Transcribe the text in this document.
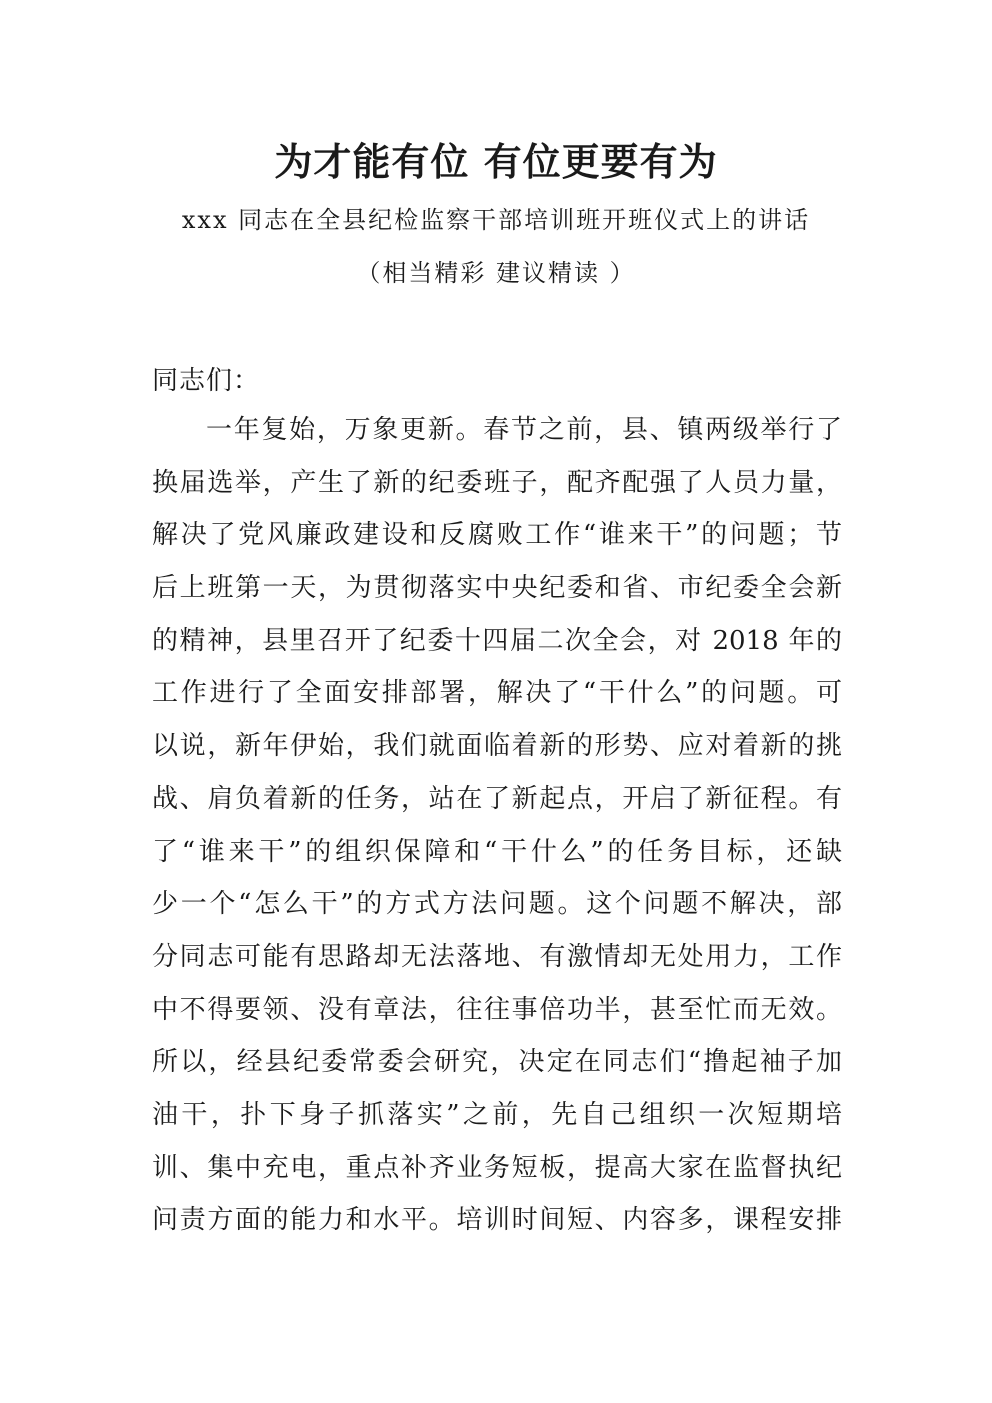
为才能有位 有位更要有为
xxx 同志在全县纪检监察干部培训班开班仪式上的讲话
（相当精彩 建议精读 ）
同志们：
一年复始，万象更新。春节之前，县、镇两级举行了
换届选举，产生了新的纪委班子，配齐配强了人员力量，
解决了党风廉政建设和反腐败工作“谁来干”的问题；节
后上班第一天，为贯彻落实中央纪委和省、市纪委全会新
的精神，县里召开了纪委十四届二次全会，对 2018 年的
工作进行了全面安排部署，解决了“干什么”的问题。可
以说，新年伊始，我们就面临着新的形势、应对着新的挑
战、肩负着新的任务，站在了新起点，开启了新征程。有
了“谁来干”的组织保障和“干什么”的任务目标，还缺
少一个“怎么干”的方式方法问题。这个问题不解决，部
分同志可能有思路却无法落地、有激情却无处用力，工作
中不得要领、没有章法，往往事倍功半，甚至忙而无效。
所以，经县纪委常委会研究，决定在同志们“撸起袖子加
油干，扑下身子抓落实”之前，先自己组织一次短期培
训、集中充电，重点补齐业务短板，提高大家在监督执纪
问责方面的能力和水平。培训时间短、内容多，课程安排
